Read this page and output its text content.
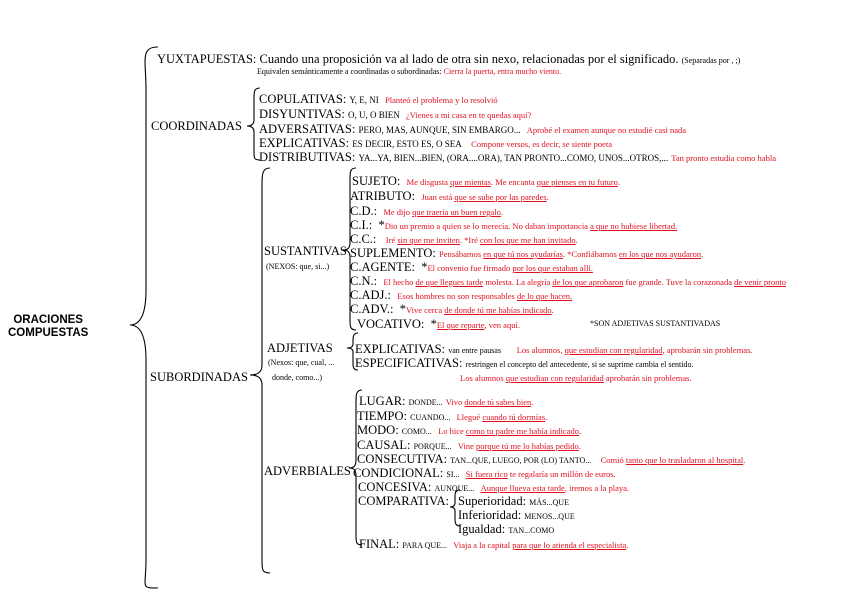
ORACIONES
COMPUESTAS
YUXTAPUESTAS: Cuando una proposición va al lado de otra sin nexo, relacionadas por el significado. (Separadas por , ;)
Equivalen semánticamente a coordinadas o subordinadas: Cierra la puerta, entra mucho viento.
COORDINADAS
COPULATIVAS: Y, E, NI Planteó el problema y lo resolvió
DISYUNTIVAS: O, U, O BIEN ¿Vienes a mi casa en te quedas aquí?
ADVERSATIVAS: PERO, MAS, AUNQUE, SIN EMBARGO... Aprobé el examen aunque no estudié casi nada
EXPLICATIVAS: ES DECIR, ESTO ES, O SEA Compone versos, es decir, se siente poeta
DISTRIBUTIVAS: YA...YA, BIEN...BIEN, (ORA....ORA), TAN PRONTO...COMO, UNOS...OTROS,... Tan pronto estudia como habla
SUBORDINADAS
SUSTANTIVAS
(NEXOS: que, si...)
SUJETO: Me disgusta que mientas. Me encanta que pienses en tu futuro.
ATRIBUTO: Juan está que se sube por las paredes.
C.D.: Me dijo que traería un buen regalo.
C.I.: *Dio un premio a quien se lo merecía. No daban importancia a que no hubiese libertad.
C.C.: Iré sin que me inviten. *Iré con los que me han invitado.
SUPLEMENTO: Pensábamos en que tú nos ayudarías. *Confiábamos en los que nos ayudaron.
C.AGENTE: *El convenio fue firmado por los que estaban allí.
C.N.: El hecho de que llegues tarde molesta. La alegría de los que aprobaron fue grande. Tuve la corazonada de venir pronto
C.ADJ.: Esos hombres no son responsables de lo que hacen.
C.ADV.: *Vive cerca de donde tú me habías indicado.
VOCATIVO: *El que reparte, ven aquí.	*SON ADJETIVAS SUSTANTIVADAS
ADJETIVAS
(Nexos: que, cual, ...
donde, como...)
EXPLICATIVAS: van entre pausas Los alumnos, que estudian con regularidad, aprobarán sin problemas.
ESPECIFICATIVAS: restringen el concepto del antecedente, si se suprime cambia el sentido.
Los alumnos que estudian con regularidad aprobarán sin problemas.
ADVERBIALES
LUGAR: DONDE... Vivo donde tú sabes bien.
TIEMPO: CUANDO... Llegué cuando tú dormías.
MODO: COMO... Lo hice como tu padre me había indicado.
CAUSAL: PORQUE... Vine porque tú me lo habías pedido.
CONSECUTIVA: TAN...QUE, LUEGO, POR (LO) TANTO... Comió tanto que lo trasladaron al hospital.
CONDICIONAL: SI... Si fuera rico te regalaría un millón de euros.
CONCESIVA: AUNQUE... Aunque llueva esta tarde, iremos a la playa.
COMPARATIVA: Superioridad: MÁS...QUE
Inferioridad: MENOS...QUE
Igualdad: TAN...COMO
FINAL: PARA QUE... Viaja a la capital para que lo atienda el especialista.
